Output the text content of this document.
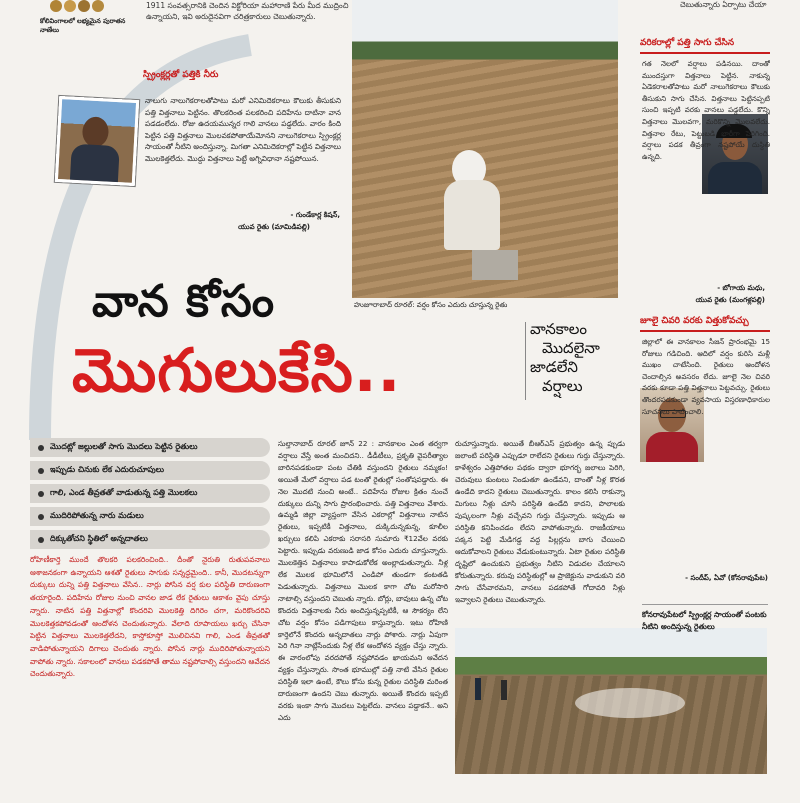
కోలివింగాలలో లభ్యమైన పురాతన నాణేలు
1911 సంవత్సరానికి చెందిన విక్టోరియా మహారాణి పేరు మీద ముద్రించి ఉన్నాయని, ఇవి అరుదైనవిగా చరిత్రకారులు చెబుతున్నారు.
చెబుతున్నారు ఏర్పాటు చేయా
స్ప్రింక్లర్లతో పత్తికి నీరు
నాలుగు నాలుగెకరాలతోపాటు మరో ఎనిమిదెకరాలు కౌలుకు తీసుకుని పత్తి విత్తనాలు పెట్టినం. తొలకరింత పలకరించి పదిహేను దాటినా వాన పడడంలేదు. రోజు ఉదయమున్నర గాలి వానలు పడ్డలేదు. వారం కింది పెట్టిన పత్తి విత్తనాలు మొలవకపోతాయేమోనని నాలుగెకరాలు స్ప్రింక్లర్ల సాయంతో నీటిని అందిస్తున్నా. మిగతా ఎనిమిదెకరాల్లో పెట్టిన విత్తనాలు మొలకెత్తలేదు. మొద్దు విత్తనాలు పెట్టే అగ్నివిధానా నష్టపోయిన.
- గుండేకార్ల కిషన్,
యువ రైతు (మామిడిపల్లి)
హుజూరాబాద్ రూరల్: వర్షం కోసం ఎదురు చూస్తున్న రైతు
వాన కోసం
మొగులుకేసి..
వానకాలం
మొదలైనా
జాడలేని
వర్షాలు
మొదట్లో జల్లులతో సాగు మొదలు పెట్టిన రైతులు
ఇప్పుడు చినుకు లేక ఎదురుచూపులు
గాలి, ఎండ తీవ్రతతో వాడుతున్న పత్తి మొలకలు
ముదిరిపోతున్న నారు మడులు
దిక్కుతోచని స్థితిలో అన్నదాతలు
రోహిణీకార్తె ముందే తొలకరి పలకరించింది.. దీంతో నైరుతి రుతుపవనాలు ఆశాజనకంగా ఉన్నాయని ఆశతో రైతులు సాగుకు సన్నద్ధమైంది.. కానీ, మొదటన్నుగా దుక్కులు దున్ని పత్తి విత్తనాలు వేసిన.. నార్లు పోసిన వర్ష కుల పరిస్థితి దారుణంగా తయారైంది. పదిహేను రోజుల నుంచి వానల జాడ లేక రైతులు ఆకాశం వైపు చూస్తు న్నారు. నాటిన పత్తి విత్తనాల్లో కొందరివి మొలకెత్తి దిగిరెం చగా, మరికొందరివి మొలకెత్తకపోవడంతో ఆందోళన చెందుతున్నారు. వేలాది రూపాయలు ఖర్చు చేసినా పెట్టిన విత్తనాలు మొలకెత్తలేదని, కాస్తోకూస్తో మొలిచినవి గాలి, ఎండ తీవ్రతతో వాడిపోతున్నాయని దిగాలు చెందుతు న్నారు. పోసిన నార్లు ముదిరిపోతున్నాయని వాపోతు న్నారు. సకాలంలో వానలు పడకపోతే తాము నష్టపోవాల్సి వస్తుందని ఆవేదన చెందుతున్నారు.
సుల్తానాబాద్ రూరల్ జూన్ 22 : వానకాలం ఎంత తర్వగా వర్షాలు వేస్తే అంత మంచిదని.. డీడీటీలు, ప్రకృతి వైపరీత్యాల బారినపడకుండా పంట చేతికి వస్తుందని రైతులు నమ్మకం! అయితే మేలో వర్షాలు పడ టంతో రైతుల్లో సంతోషపడ్డారు. ఈ నెల మొదటి నుంచి అంటే.. పదిహేను రోజుల క్రితం నుంచే దుక్కులు దున్ని సాగు ప్రారంభించారు. పత్తి విత్తనాలు వేశారు. ఉమ్మడి జిల్లా వ్యాప్తంగా వేసిన ఎకరాల్లో విత్తనాలు నాటిన రైతులు, ఇప్పటికీ విత్తనాలు, దుక్కిదున్నకున్న, కూలీల ఖర్చులు కలిపి ఎకరాకు సరాసరి సుమారు ₹12వేల వరకు పెట్టారు. ఇప్పుడు వరుణుడి జాడ కోసం ఎదురు చూస్తున్నారు. మొలకెత్తిన విత్తనాలు కాపాడుకోలేక అంల్లాడుతున్నారు. నీళ్ల లేక మొలక భూమిలోనే ఎండిపో తుండగా కంటతడి పెడుతున్నారు. విత్తనాలు మొలక కాగా చోట మరోసారి నాటాల్సి వస్తుందని చెబుతు న్నారు. బోర్లు, బావులు ఉన్న చోట కొందరు విత్తనాలకు నీరు అందిస్తున్నప్పటికీ, ఆ సౌకర్యం లేని చోట వర్షం కోసం పడిగాపులు కాస్తున్నారు. ఇటు రోహిణి కార్తెలోనే కొందరు అన్నదాతలు నార్లు పోశారు. నార్లు ఏపుగా పెరి గినా నాట్లేసేందుకు నీళ్ల లేక ఆందోళన వ్యక్తం చేస్తు న్నారు. ఈ వారంలోపు వరదపోతే నష్టపోవడం ఖాయమని ఆవేదన వ్యక్తం చేస్తున్నారు. సొంత భూముల్లో పత్తి నాటి వేసిన రైతుల పరిస్థితి ఇలా ఉంటే, కౌలు కోసు కున్న రైతుల పరిస్థితి మరింత దారుణంగా ఉందని చెబు తున్నారు. అయితే కొందరు ఇప్పటి వరకు ఇంకా సాగు మొదలు పెట్టలేదు. వానలు పడ్డాకనే.. అని ఎదు
రుచూస్తున్నారు. అయితే బీఆర్ఎస్ ప్రభుత్వం ఉన్న ప్పుడు జలాంటి పరిస్థితి ఎప్పుడూ రాలేదని రైతులు గుర్తు చేస్తున్నారు. కాళేశ్వరం ఎత్తిపోతల పథకం ద్వారా భూగర్భ జలాలు పెరిగి, చెరువులు కుంటలు నిండుతూ ఉండేవని, దాంతో నీళ్ల కొరత ఉండేది కాదని రైతులు చెబుతున్నారు. కాలం కలిసి రాకున్నా మిగులు నీళ్లు చూసి పరిస్థితి ఉండేది కాదని, పొలాలకు పుష్కలంగా నీళ్లు వచ్చేవని గుర్తు చేస్తున్నారు. ఇప్పుడు ఆ పరిస్థితి కనిపించడం లేదని వాపోతున్నారు. రాజకీయాలు పక్కన పెట్టి మేడిగడ్డ వద్ద పిల్లర్లను బాగు చేయించి ఆదుకోవాలని రైతులు వేడుకుంటున్నారు. ఏటా రైతుల పరిస్థితి దృష్టిలో ఉంచుకుని ప్రభుత్వం నీటిని విడుదల చేయాలని కోరుతున్నారు. కరువు పరిస్థితుల్లో ఆ ప్రాజెక్టును వాడుకుని వరి సాగు చేసేవారమని, వానలు పడకపోతే గోదావరి నీళ్లు ఇవ్వాలని రైతులు చెబుతున్నారు.
వరికరాల్లో పత్తి సాగు చేసిన
గత నెలలో వర్షాలు పడినయి. దాంతో ముందస్తుగా విత్తనాలు పెట్టిన. నాకున్న ఏడెకరాలతోపాటు మరో నాలుగెకరాలు కౌలుకు తీసుకుని సాగు చేసిన. విత్తనాలు పెట్టినప్పటి సుంచి ఇప్పటి వరకు వానలు పడ్డలేదు. కొన్ని విత్తనాలు మొలవగా, మరికొన్ని మొలవలేదు. విత్తనాల రేటు, పెట్టుబడి భారీగా పెరిగింది. వర్షాలు పడక తీవ్రంగా నష్టపోయే దుస్థితి ఉన్నది.
- బోగాయ మధు,
యువ రైతు (మంగళ్లపల్లి)
జూలై చివరి వరకు విత్తుకోవచ్చు
జిల్లాలో ఈ వానకాలం సీజన్ ప్రారంభమై 15 రోజులు గడిచింది. ఆదిలో వర్షం కురిసి మళ్లీ ముఖం చాటేసింది. రైతులు ఆందోళన చెందాల్సిన అవసరం లేదు. జూలై నెల చివరి వరకు కూడా పత్తి విత్తనాలు పెట్టవచ్చు. రైతులు తొందరపడకుండా వ్యవసాయ విస్తరణాధికారుల సూచనలు పాటించాలి.
- సందీప్, ఏవో (కోనరావుపేట)
కోనరావుపేటలో స్ప్రింక్లర్ల సాయంతో పంటకు నీటిని అందిస్తున్న రైతులు
